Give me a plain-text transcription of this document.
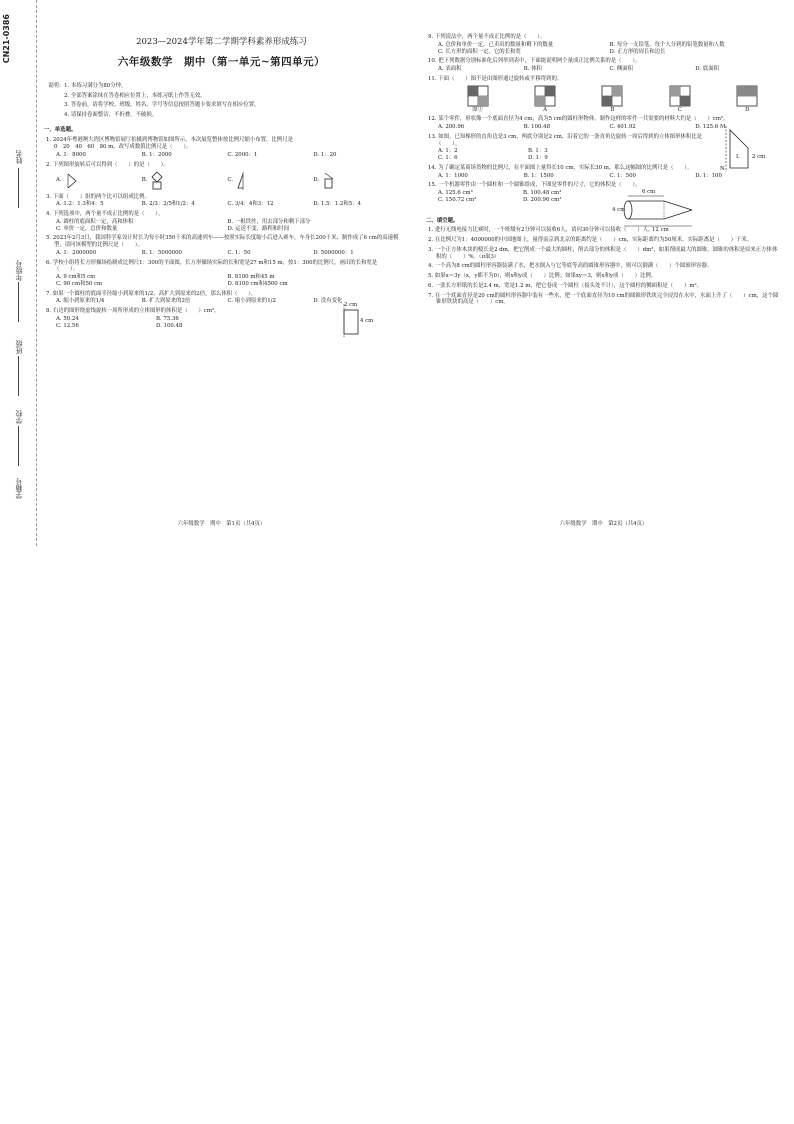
CN21-0386
姓名
年级号
班级
学校
学籍号
2023—2024学年第二学期学科素养形成练习
六年级数学　期中（第一单元~第四单元）
说明：1. 本练习满分为80分钟。
2. 全部答案涂抹在答卷相应位置上，本练习纸上作答无效。
3. 答卷前，请将学校、班级、姓名、学号等信息按照答题卡要求填写在相应位置。
4. 请保持卷面整洁，不折叠，不破损。
一、单选题。
1. 2024年粤港澳大湾区博物馆展厅拍摄到博物馆如图所示，本次展览整体按比例尺缩小布置，比例尺是
0　20　40　60　80 m，改写成数值比例尺是（　　）。
A. 1：8000	B. 1：2000	C. 2000：1	D. 1：20
2. 下列图形旋转后可以得到（　　）的是（　　）。
A.	B.	C.	D.
3. 下面（　　）组的两个比可以组成比例。
A. 1.2：1.3和4：5	B. 2/3：2/5和1/2：4	C. 3/4：4和3：12	D. 1.5：1.2和5：4
4. 下列选项中，两个量不成正比例的是（　　）。
A. 圆柱的底面积一定，高和体积	B. 一根铁丝，用去部分和剩下部分
C. 单价一定，总价和数量	D. 运送不变，路程和时间
5. 2023年2月3日，我国科学家设计时长为每小时350千米的高速列车——按照实际长度缩小后进入赛车，车身长200千米，制作成了6 cm的高速模型，请问该模型的比例尺是（　　）。
A. 1：2000000	B. 1：5000000	C. 1：50	D. 5000000：1
6. 学校小组将长方形操场绘制成比例尺1：300的平面图，长方形操场实际的长和宽是27 m和15 m，按1：300的比例尺，画出的长和宽是（　　）。
A. 9 cm和5 cm	B. 8100 m和45 m
C. 90 cm和50 cm	D. 8100 cm和4500 cm
7. 如果一个圆柱的底面半径缩小到原来的1/2，高扩大到原来的2倍，那么体积（　　）。
A. 缩小到原来的1/4	B. 扩大到原来的2倍	C. 缩小到原来的1/2	D. 没有变化
8. 右边的图形绕虚线旋转一周所形成的立体图形的体积是（　　）cm³。
A. 50.24	B. 75.36
C. 12.56	D. 100.48
2 cm
4 cm
六年级数学　期中　第1页（共4页）
9. 下列说法中，两个量不成正比例的是（　　）。
A. 总价和单价一定，已卖出的数量和剩下的数量	B. 每分一支铅笔，每个人分到的铅笔数量和人数
C. 长方形的面积一定，它的长和宽	D. 正方形的周长和边长
10. 把下列数据分别标准化后列举到表中，下面能说明两个量成正比例关系的是（　　）。
A. 表面积	B. 体积	C. 侧面积	D. 底面积
11. 下面（　　）图不是由图形通过旋转或平移得到的。
图①	A	B	C	D
12. 某个零件，形状像一个底面直径为4 cm，高为5 cm的圆柱形物体，制作这样的零件一共需要的材料大约是（　　）cm²。
A. 200.96	B. 100.48	C. 401.92	D. 125.6
13. 如图，已知梯形的直角边是3 cm，两底分别是2 cm，沿着它的一条直角边旋转一周后得到的立体图形体积比是（　　）。
A. 1：2	B. 1：3
C. 1：6	D. 1：9
M
N
L 2 cm
14. 为了确定某商场货物的比例尺，在平面图上量得长10 cm，实际长30 m，那么这幅图的比例尺是（　　）。
A. 1：1000	B. 1：1500	C. 1：500	D. 1：100
15. 一个机器零件由一个圆柱和一个圆锥组成，下图是零件的尺寸，它的体积是（　　）。
A. 125.6 cm³	B. 100.48 cm³
C. 150.72 cm³	D. 200.96 cm³
6 cm
4 cm
12 cm
二、填空题。
1. 进行无线电接力比赛时，一个班级有2分钟可以接收6人，请问30分钟可以接收（　　）人。
2. 在比例尺为1：4000000的中国地图上，量得南京到北京的距离约是（　　）cm，实际距离约为50厘米，实际距离是（　　）千米。
3. 一个正方体木块的棱长是2 dm，把它削成一个最大的圆柱，削去部分的体积是（　　）dm³，如果削成最大的圆锥，圆锥的体积是原来正方体体积的（　　）%。（π取3）
4. 一个高为8 cm的圆柱形容器装满了水，把水倒入与它等底等高的圆锥形容器中，则可以倒满（　　）个圆锥形容器。
5. 如果x＝3y（x，y都不为0），则x和y成（　　）比例；如果xy＝3，则x和y成（　　）比例。
6. 一张长方形纸的长是2.4 m，宽是1.2 m，把它卷成一个圆柱（接头处不计），这个圆柱的侧面积是（　　）m²。
7. 在一个底面直径是20 cm的圆柱形容器中装有一些水，把一个底面直径为10 cm的圆锥形铁块完全浸没在水中，水面上升了（　　）cm，这个圆锥形铁块的高是（　　）cm。
六年级数学　期中　第2页（共4页）
